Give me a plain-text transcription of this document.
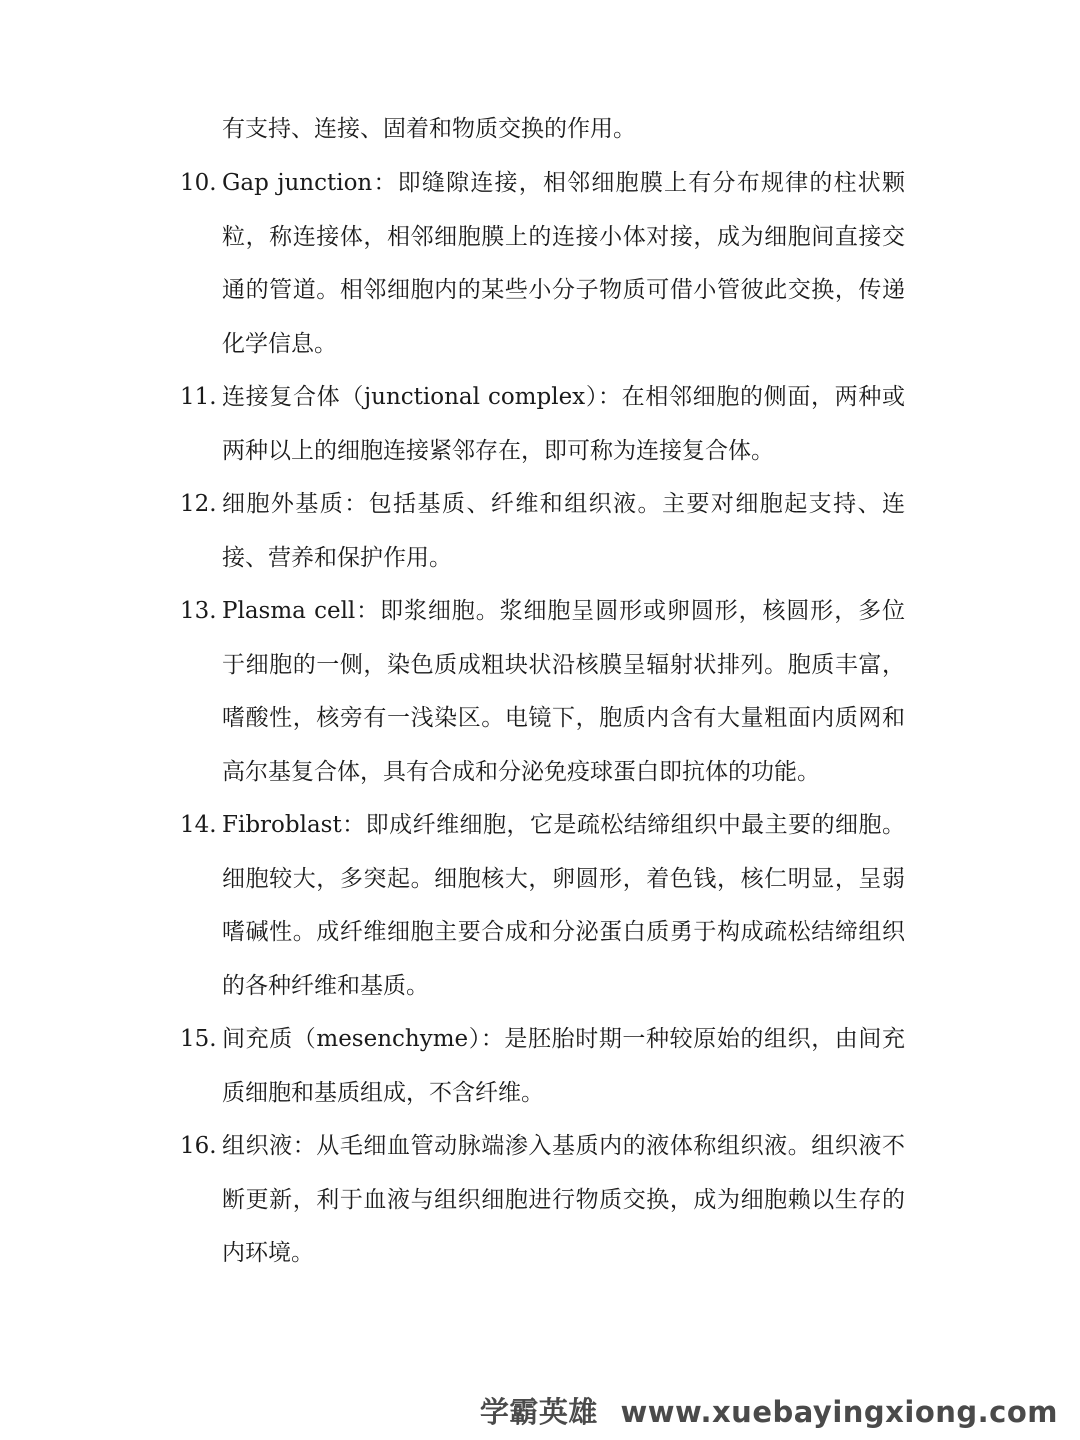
有支持、连接、固着和物质交换的作用。

10. Gap junction：即缝隙连接，相邻细胞膜上有分布规律的柱状颗粒，称连接体，相邻细胞膜上的连接小体对接，成为细胞间直接交通的管道。相邻细胞内的某些小分子物质可借小管彼此交换，传递化学信息。
11. 连接复合体（junctional complex）：在相邻细胞的侧面，两种或两种以上的细胞连接紧邻存在，即可称为连接复合体。
12. 细胞外基质：包括基质、纤维和组织液。主要对细胞起支持、连接、营养和保护作用。
13. Plasma cell：即浆细胞。浆细胞呈圆形或卵圆形，核圆形，多位于细胞的一侧，染色质成粗块状沿核膜呈辐射状排列。胞质丰富，嗜酸性，核旁有一浅染区。电镜下，胞质内含有大量粗面内质网和高尔基复合体，具有合成和分泌免疫球蛋白即抗体的功能。
14. Fibroblast：即成纤维细胞，它是疏松结缔组织中最主要的细胞。细胞较大，多突起。细胞核大，卵圆形，着色钱，核仁明显，呈弱嗜碱性。成纤维细胞主要合成和分泌蛋白质勇于构成疏松结缔组织的各种纤维和基质。
15. 间充质（mesenchyme）：是胚胎时期一种较原始的组织，由间充质细胞和基质组成，不含纤维。
16. 组织液：从毛细血管动脉端渗入基质内的液体称组织液。组织液不断更新，利于血液与组织细胞进行物质交换，成为细胞赖以生存的内环境。
学霸英雄 www.xuebayingxiong.com
